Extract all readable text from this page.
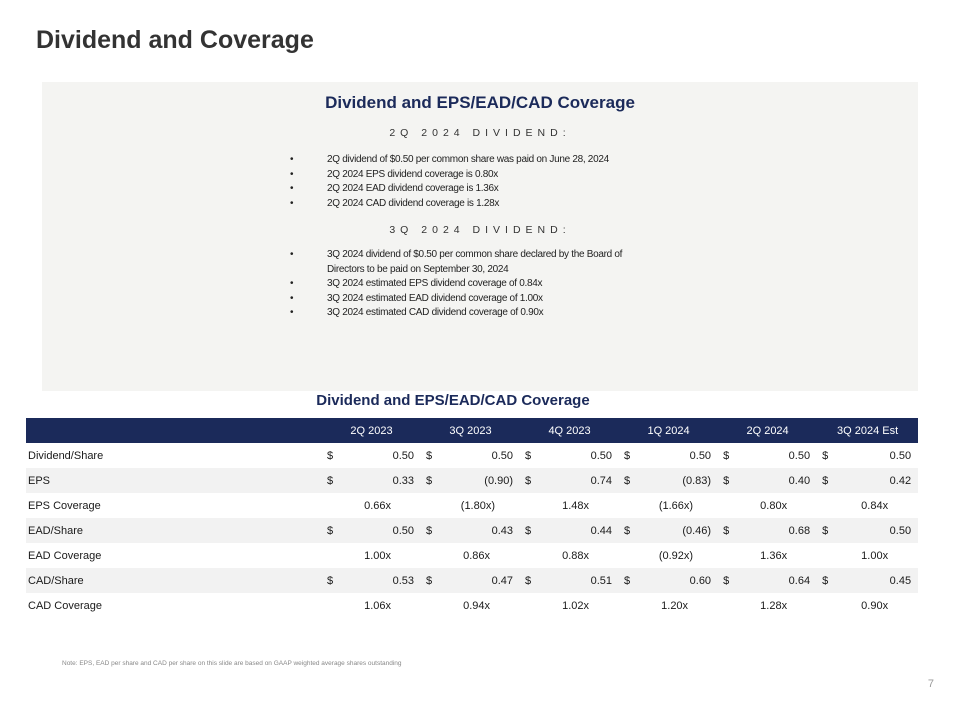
Dividend and Coverage
Dividend and EPS/EAD/CAD Coverage
2Q 2024 DIVIDEND:
•	2Q dividend of $0.50 per common share was paid on June 28, 2024
•	2Q 2024 EPS dividend coverage is 0.80x
•	2Q 2024 EAD dividend coverage is 1.36x
•	2Q 2024 CAD dividend coverage is 1.28x
3Q 2024 DIVIDEND:
•	3Q 2024 dividend of $0.50 per common share declared by the Board of
Directors to be paid on September 30, 2024
•	3Q 2024 estimated EPS dividend coverage of 0.84x
•	3Q 2024 estimated EAD dividend coverage of 1.00x
•	3Q 2024 estimated CAD dividend coverage of 0.90x
Dividend and EPS/EAD/CAD Coverage
	2Q 2023		3Q 2023		4Q 2023		1Q 2024		2Q 2024		3Q 2024 Est	
Dividend/Share	$	0.50	$	0.50	$	0.50	$	0.50	$	0.50	$	0.50
EPS	$	0.33	$	(0.90)	$	0.74	$	(0.83)	$	0.40	$	0.42
EPS Coverage	0.66x		(1.80x)		1.48x		(1.66x)		0.80x		0.84x	
EAD/Share	$	0.50	$	0.43	$	0.44	$	(0.46)	$	0.68	$	0.50
EAD Coverage	1.00x		0.86x		0.88x		(0.92x)		1.36x		1.00x	
CAD/Share	$	0.53	$	0.47	$	0.51	$	0.60	$	0.64	$	0.45
CAD Coverage	1.06x		0.94x		1.02x		1.20x		1.28x		0.90x	
Note: EPS, EAD per share and CAD per share on this slide are based on GAAP weighted average shares outstanding
7
